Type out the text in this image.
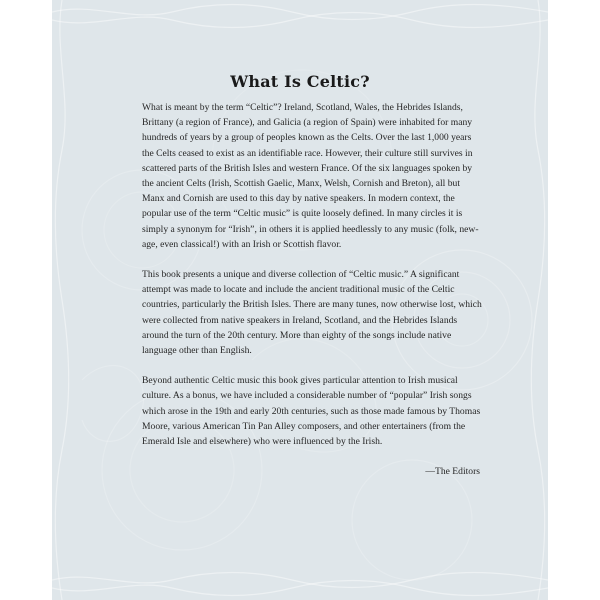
What Is Celtic?

What is meant by the term “Celtic”? Ireland, Scotland, Wales, the Hebrides Islands, Brittany (a region of France), and Galicia (a region of Spain) were inhabited for many hundreds of years by a group of peoples known as the Celts. Over the last 1,000 years the Celts ceased to exist as an identifiable race. However, their culture still survives in scattered parts of the British Isles and western France. Of the six languages spoken by the ancient Celts (Irish, Scottish Gaelic, Manx, Welsh, Cornish and Breton), all but Manx and Cornish are used to this day by native speakers. In modern context, the popular use of the term “Celtic music” is quite loosely defined. In many circles it is simply a synonym for “Irish”, in others it is applied heedlessly to any music (folk, new-age, even classical!) with an Irish or Scottish flavor.

This book presents a unique and diverse collection of “Celtic music.” A significant attempt was made to locate and include the ancient traditional music of the Celtic countries, particularly the British Isles. There are many tunes, now otherwise lost, which were collected from native speakers in Ireland, Scotland, and the Hebrides Islands around the turn of the 20th century. More than eighty of the songs include native language other than English.

Beyond authentic Celtic music this book gives particular attention to Irish musical culture. As a bonus, we have included a considerable number of “popular” Irish songs which arose in the 19th and early 20th centuries, such as those made famous by Thomas Moore, various American Tin Pan Alley composers, and other entertainers (from the Emerald Isle and elsewhere) who were influenced by the Irish.

—The Editors
